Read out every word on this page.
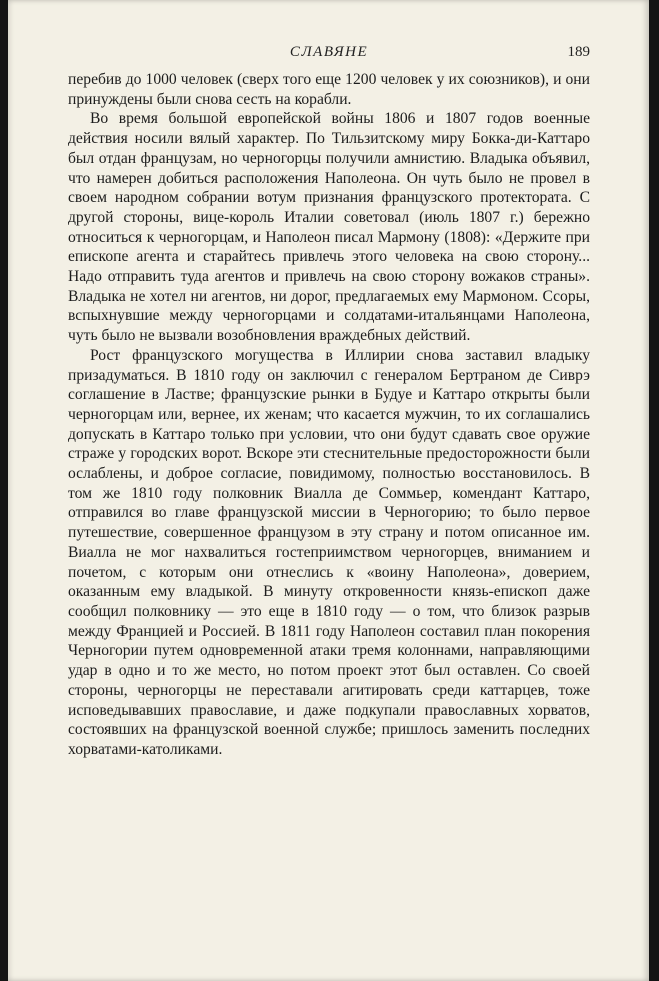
СЛАВЯНЕ	189

перебив до 1000 человек (сверх того еще 1200 человек у их союзников), и они принуждены были снова сесть на корабли.

Во время большой европейской войны 1806 и 1807 годов военные действия носили вялый характер. По Тильзитскому миру Бокка-ди-Каттаро был отдан французам, но черногорцы получили амнистию. Владыка объявил, что намерен добиться расположения Наполеона. Он чуть было не провел в своем народном собрании вотум признания французского протектората. С другой стороны, вице-король Италии советовал (июль 1807 г.) бережно относиться к черногорцам, и Наполеон писал Мармону (1808): «Держите при епископе агента и старайтесь привлечь этого человека на свою сторону... Надо отправить туда агентов и привлечь на свою сторону вожаков страны». Владыка не хотел ни агентов, ни дорог, предлагаемых ему Мармоном. Ссоры, вспыхнувшие между черногорцами и солдатами-итальянцами Наполеона, чуть было не вызвали возобновления враждебных действий.

Рост французского могущества в Иллирии снова заставил владыку призадуматься. В 1810 году он заключил с генералом Бертраном де Сиврэ соглашение в Ластве; французские рынки в Будуе и Каттаро открыты были черногорцам или, вернее, их женам; что касается мужчин, то их соглашались допускать в Каттаро только при условии, что они будут сдавать свое оружие страже у городских ворот. Вскоре эти стеснительные предосторожности были ослаблены, и доброе согласие, повидимому, полностью восстановилось. В том же 1810 году полковник Виалла де Соммьер, комендант Каттаро, отправился во главе французской миссии в Черногорию; то было первое путешествие, совершенное французом в эту страну и потом описанное им. Виалла не мог нахвалиться гостеприимством черногорцев, вниманием и почетом, с которым они отнеслись к «воину Наполеона», доверием, оказанным ему владыкой. В минуту откровенности князь-епископ даже сообщил полковнику — это еще в 1810 году — о том, что близок разрыв между Францией и Россией. В 1811 году Наполеон составил план покорения Черногории путем одновременной атаки тремя колоннами, направляющими удар в одно и то же место, но потом проект этот был оставлен. Со своей стороны, черногорцы не переставали агитировать среди каттарцев, тоже исповедывавших православие, и даже подкупали православных хорватов, состоявших на французской военной службе; пришлось заменить последних хорватами-католиками.
